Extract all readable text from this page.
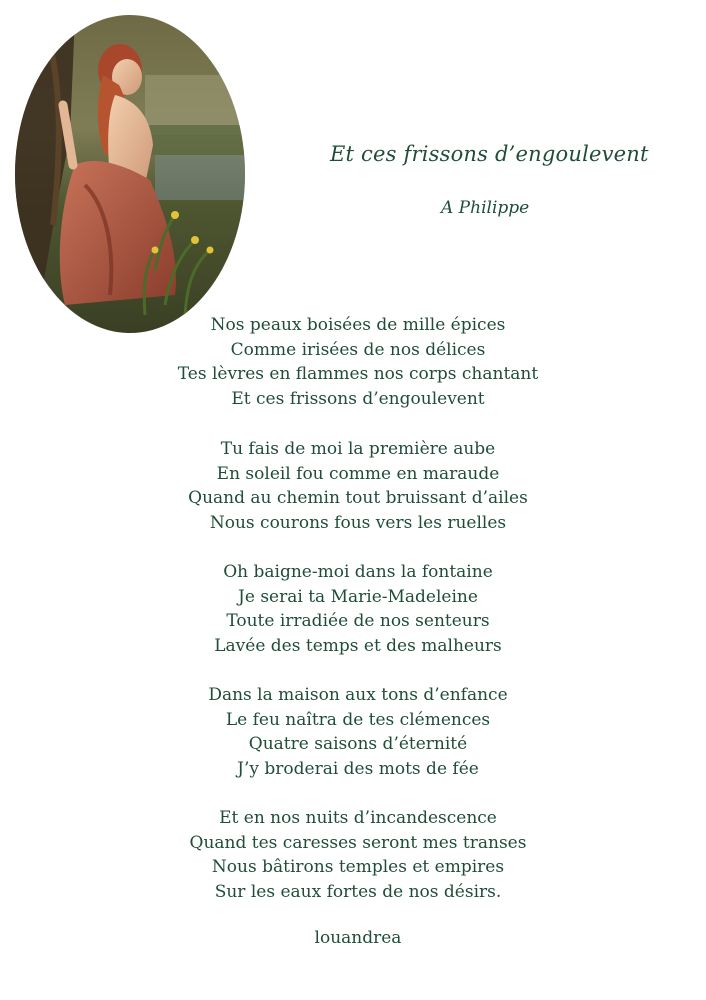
Et ces frissons d’engoulevent
A Philippe
Nos peaux boisées de mille épices
Comme irisées de nos délices
Tes lèvres en flammes nos corps chantant
Et ces frissons d’engoulevent
Tu fais de moi la première aube
En soleil fou comme en maraude
Quand au chemin tout bruissant d’ailes
Nous courons fous vers les ruelles
Oh baigne-moi dans la fontaine
Je serai ta Marie-Madeleine
Toute irradiée de nos senteurs
Lavée des temps et des malheurs
Dans la maison aux tons d’enfance
Le feu naîtra de tes clémences
Quatre saisons d’éternité
J’y broderai des mots de fée
Et en nos nuits d’incandescence
Quand tes caresses seront mes transes
Nous bâtirons temples et empires
Sur les eaux fortes de nos désirs.
louandrea
